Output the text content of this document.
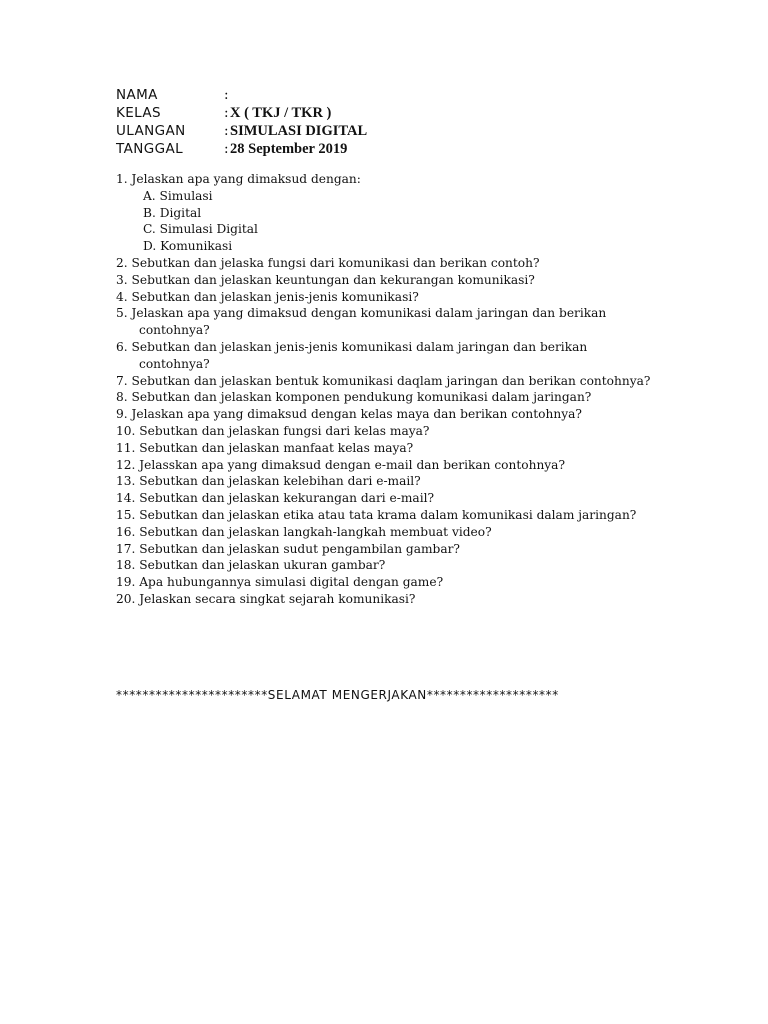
NAMA	:
KELAS	: X ( TKJ / TKR )
ULANGAN	: SIMULASI DIGITAL
TANGGAL	: 28 September 2019
1. Jelaskan apa yang dimaksud dengan:
A. Simulasi
B. Digital
C. Simulasi Digital
D. Komunikasi
2. Sebutkan dan jelaska fungsi dari komunikasi dan berikan contoh?
3. Sebutkan dan jelaskan keuntungan dan kekurangan komunikasi?
4. Sebutkan dan jelaskan jenis-jenis komunikasi?
5. Jelaskan apa yang dimaksud dengan komunikasi dalam jaringan dan berikan
contohnya?
6. Sebutkan dan jelaskan jenis-jenis komunikasi dalam jaringan dan berikan
contohnya?
7. Sebutkan dan jelaskan bentuk komunikasi daqlam jaringan dan berikan contohnya?
8. Sebutkan dan jelaskan komponen pendukung komunikasi dalam jaringan?
9. Jelaskan apa yang dimaksud dengan kelas maya dan berikan contohnya?
10. Sebutkan dan jelaskan fungsi dari kelas maya?
11. Sebutkan dan jelaskan manfaat kelas maya?
12. Jelasskan apa yang dimaksud dengan e-mail dan berikan contohnya?
13. Sebutkan dan jelaskan kelebihan dari e-mail?
14. Sebutkan dan jelaskan kekurangan dari e-mail?
15. Sebutkan dan jelaskan etika atau tata krama dalam komunikasi dalam jaringan?
16. Sebutkan dan jelaskan langkah-langkah membuat video?
17. Sebutkan dan jelaskan sudut pengambilan gambar?
18. Sebutkan dan jelaskan ukuran gambar?
19. Apa hubungannya simulasi digital dengan game?
20. Jelaskan secara singkat sejarah komunikasi?
***********************SELAMAT MENGERJAKAN********************
